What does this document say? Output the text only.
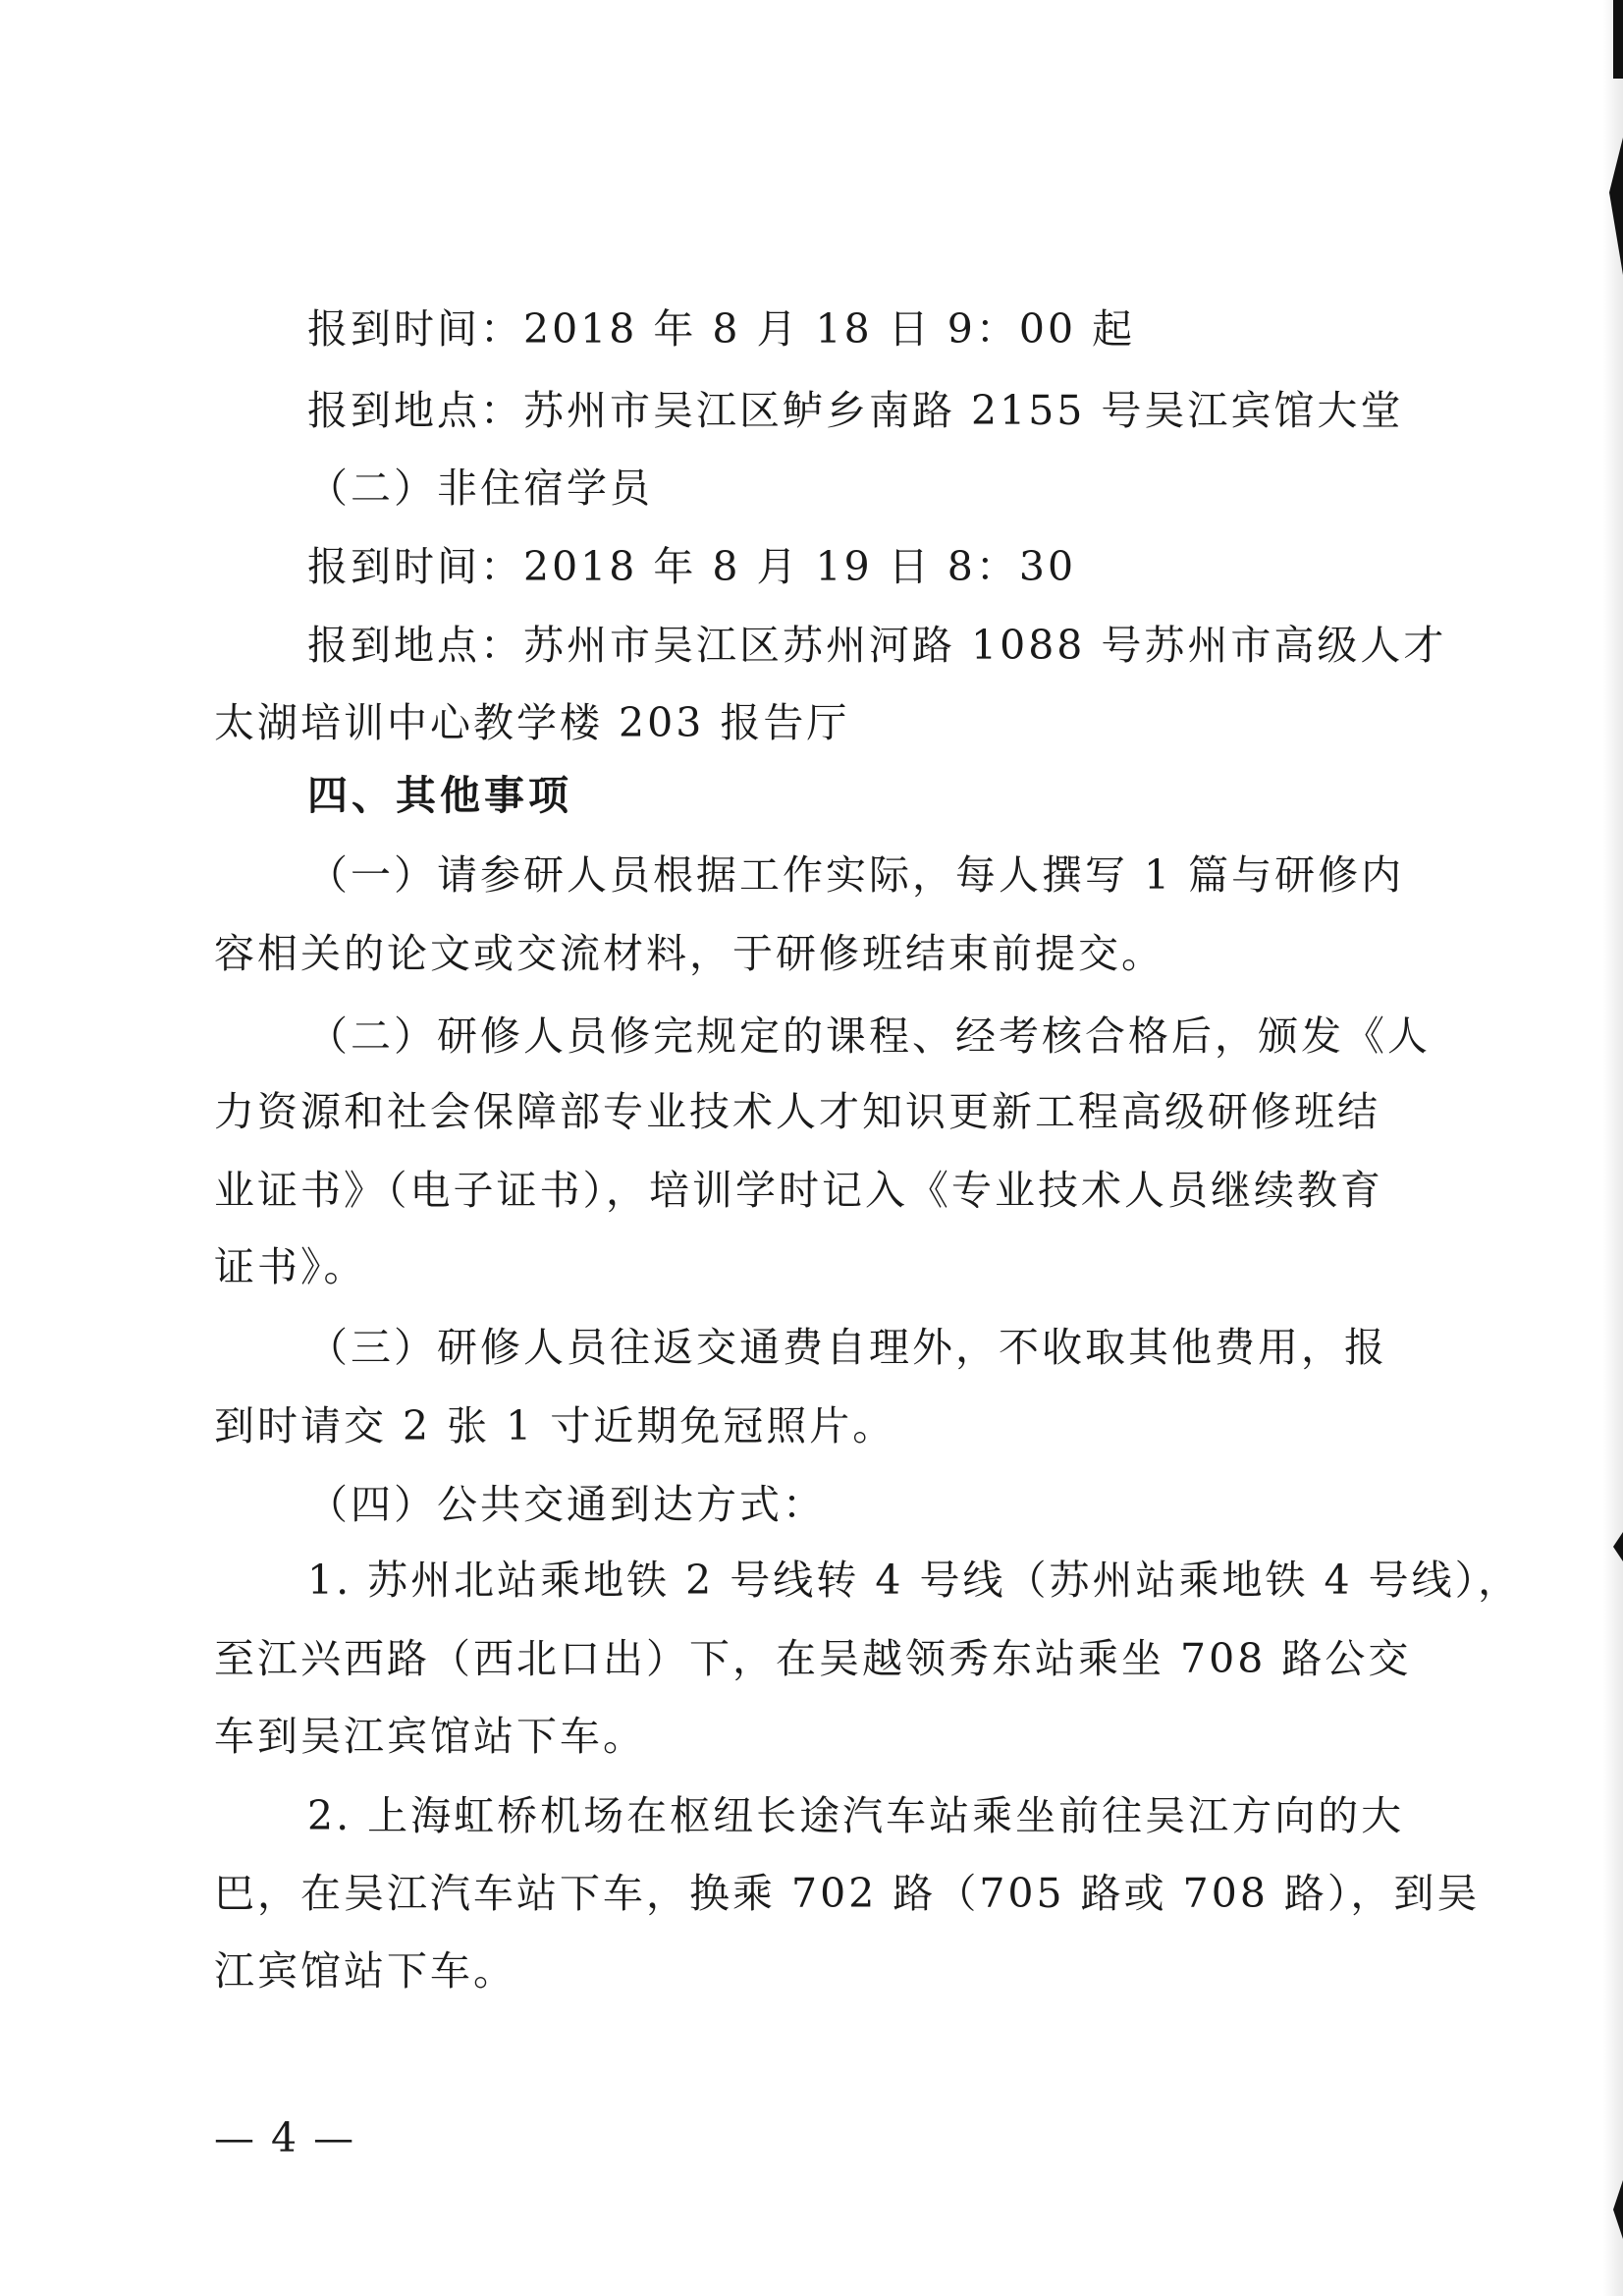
报到时间：2018 年 8 月 18 日 9：00 起
报到地点：苏州市吴江区鲈乡南路 2155 号吴江宾馆大堂
（二）非住宿学员
报到时间：2018 年 8 月 19 日 8：30
报到地点：苏州市吴江区苏州河路 1088 号苏州市高级人才
太湖培训中心教学楼 203 报告厅
四、其他事项
（一）请参研人员根据工作实际，每人撰写 1 篇与研修内
容相关的论文或交流材料，于研修班结束前提交。
（二）研修人员修完规定的课程、经考核合格后，颁发《人
力资源和社会保障部专业技术人才知识更新工程高级研修班结
业证书》（电子证书），培训学时记入《专业技术人员继续教育
证书》。
（三）研修人员往返交通费自理外，不收取其他费用，报
到时请交 2 张 1 寸近期免冠照片。
（四）公共交通到达方式：
1. 苏州北站乘地铁 2 号线转 4 号线（苏州站乘地铁 4 号线），
至江兴西路（西北口出）下，在吴越领秀东站乘坐 708 路公交
车到吴江宾馆站下车。
2. 上海虹桥机场在枢纽长途汽车站乘坐前往吴江方向的大
巴，在吴江汽车站下车，换乘 702 路（705 路或 708 路），到吴
江宾馆站下车。
— 4 —
